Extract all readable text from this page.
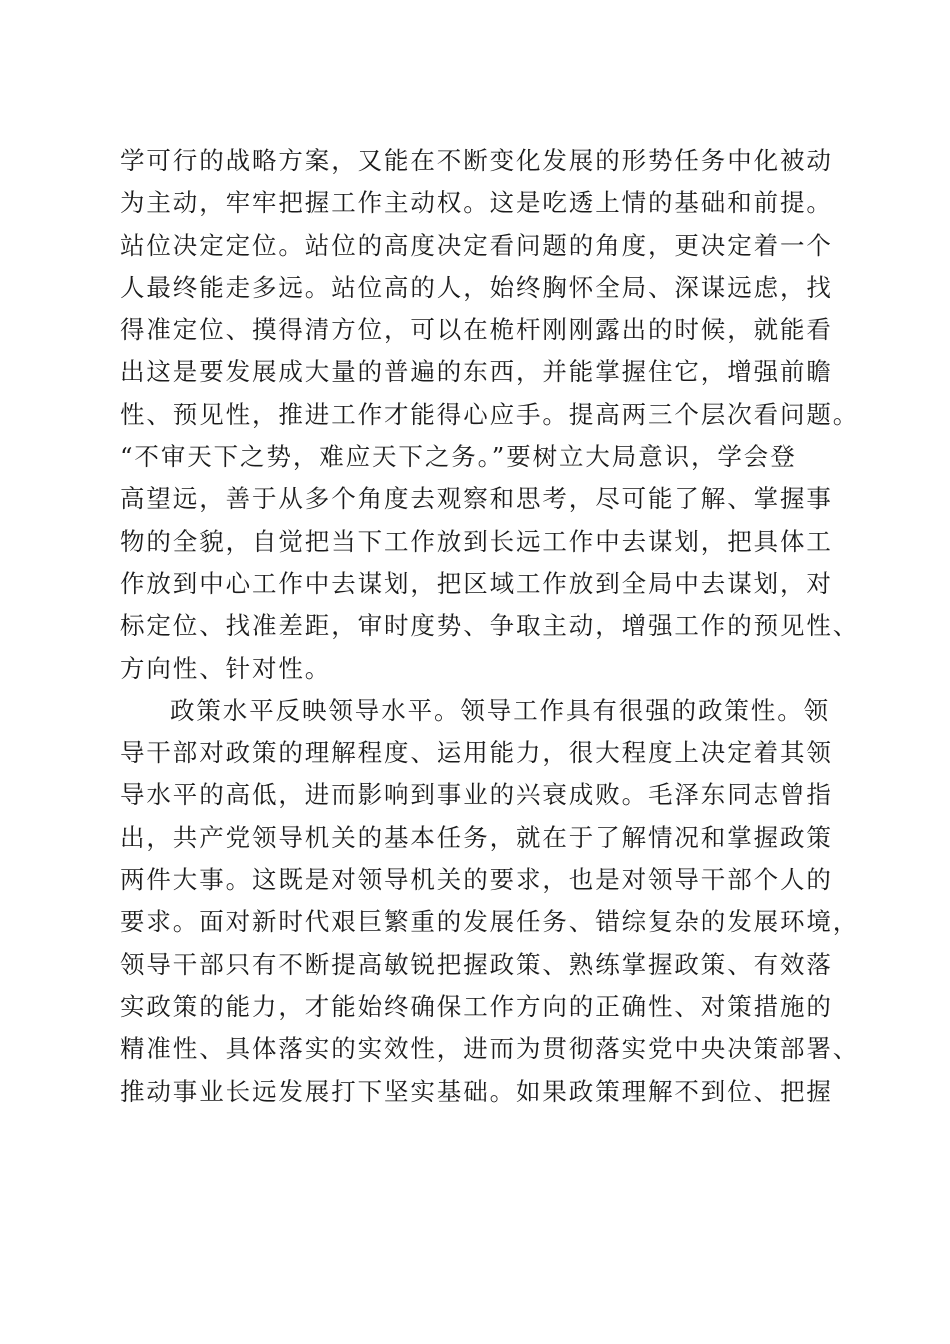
学可行的战略方案，又能在不断变化发展的形势任务中化被动
为主动，牢牢把握工作主动权。这是吃透上情的基础和前提。
站位决定定位。站位的高度决定看问题的角度，更决定着一个
人最终能走多远。站位高的人，始终胸怀全局、深谋远虑，找
得准定位、摸得清方位，可以在桅杆刚刚露出的时候，就能看
出这是要发展成大量的普遍的东西，并能掌握住它，增强前瞻
性、预见性，推进工作才能得心应手。提高两三个层次看问题。
“不审天下之势，难应天下之务。”要树立大局意识，学会登
高望远，善于从多个角度去观察和思考，尽可能了解、掌握事
物的全貌，自觉把当下工作放到长远工作中去谋划，把具体工
作放到中心工作中去谋划，把区域工作放到全局中去谋划，对
标定位、找准差距，审时度势、争取主动，增强工作的预见性、
方向性、针对性。
政策水平反映领导水平。领导工作具有很强的政策性。领
导干部对政策的理解程度、运用能力，很大程度上决定着其领
导水平的高低，进而影响到事业的兴衰成败。毛泽东同志曾指
出，共产党领导机关的基本任务，就在于了解情况和掌握政策
两件大事。这既是对领导机关的要求，也是对领导干部个人的
要求。面对新时代艰巨繁重的发展任务、错综复杂的发展环境，
领导干部只有不断提高敏锐把握政策、熟练掌握政策、有效落
实政策的能力，才能始终确保工作方向的正确性、对策措施的
精准性、具体落实的实效性，进而为贯彻落实党中央决策部署、
推动事业长远发展打下坚实基础。如果政策理解不到位、把握
